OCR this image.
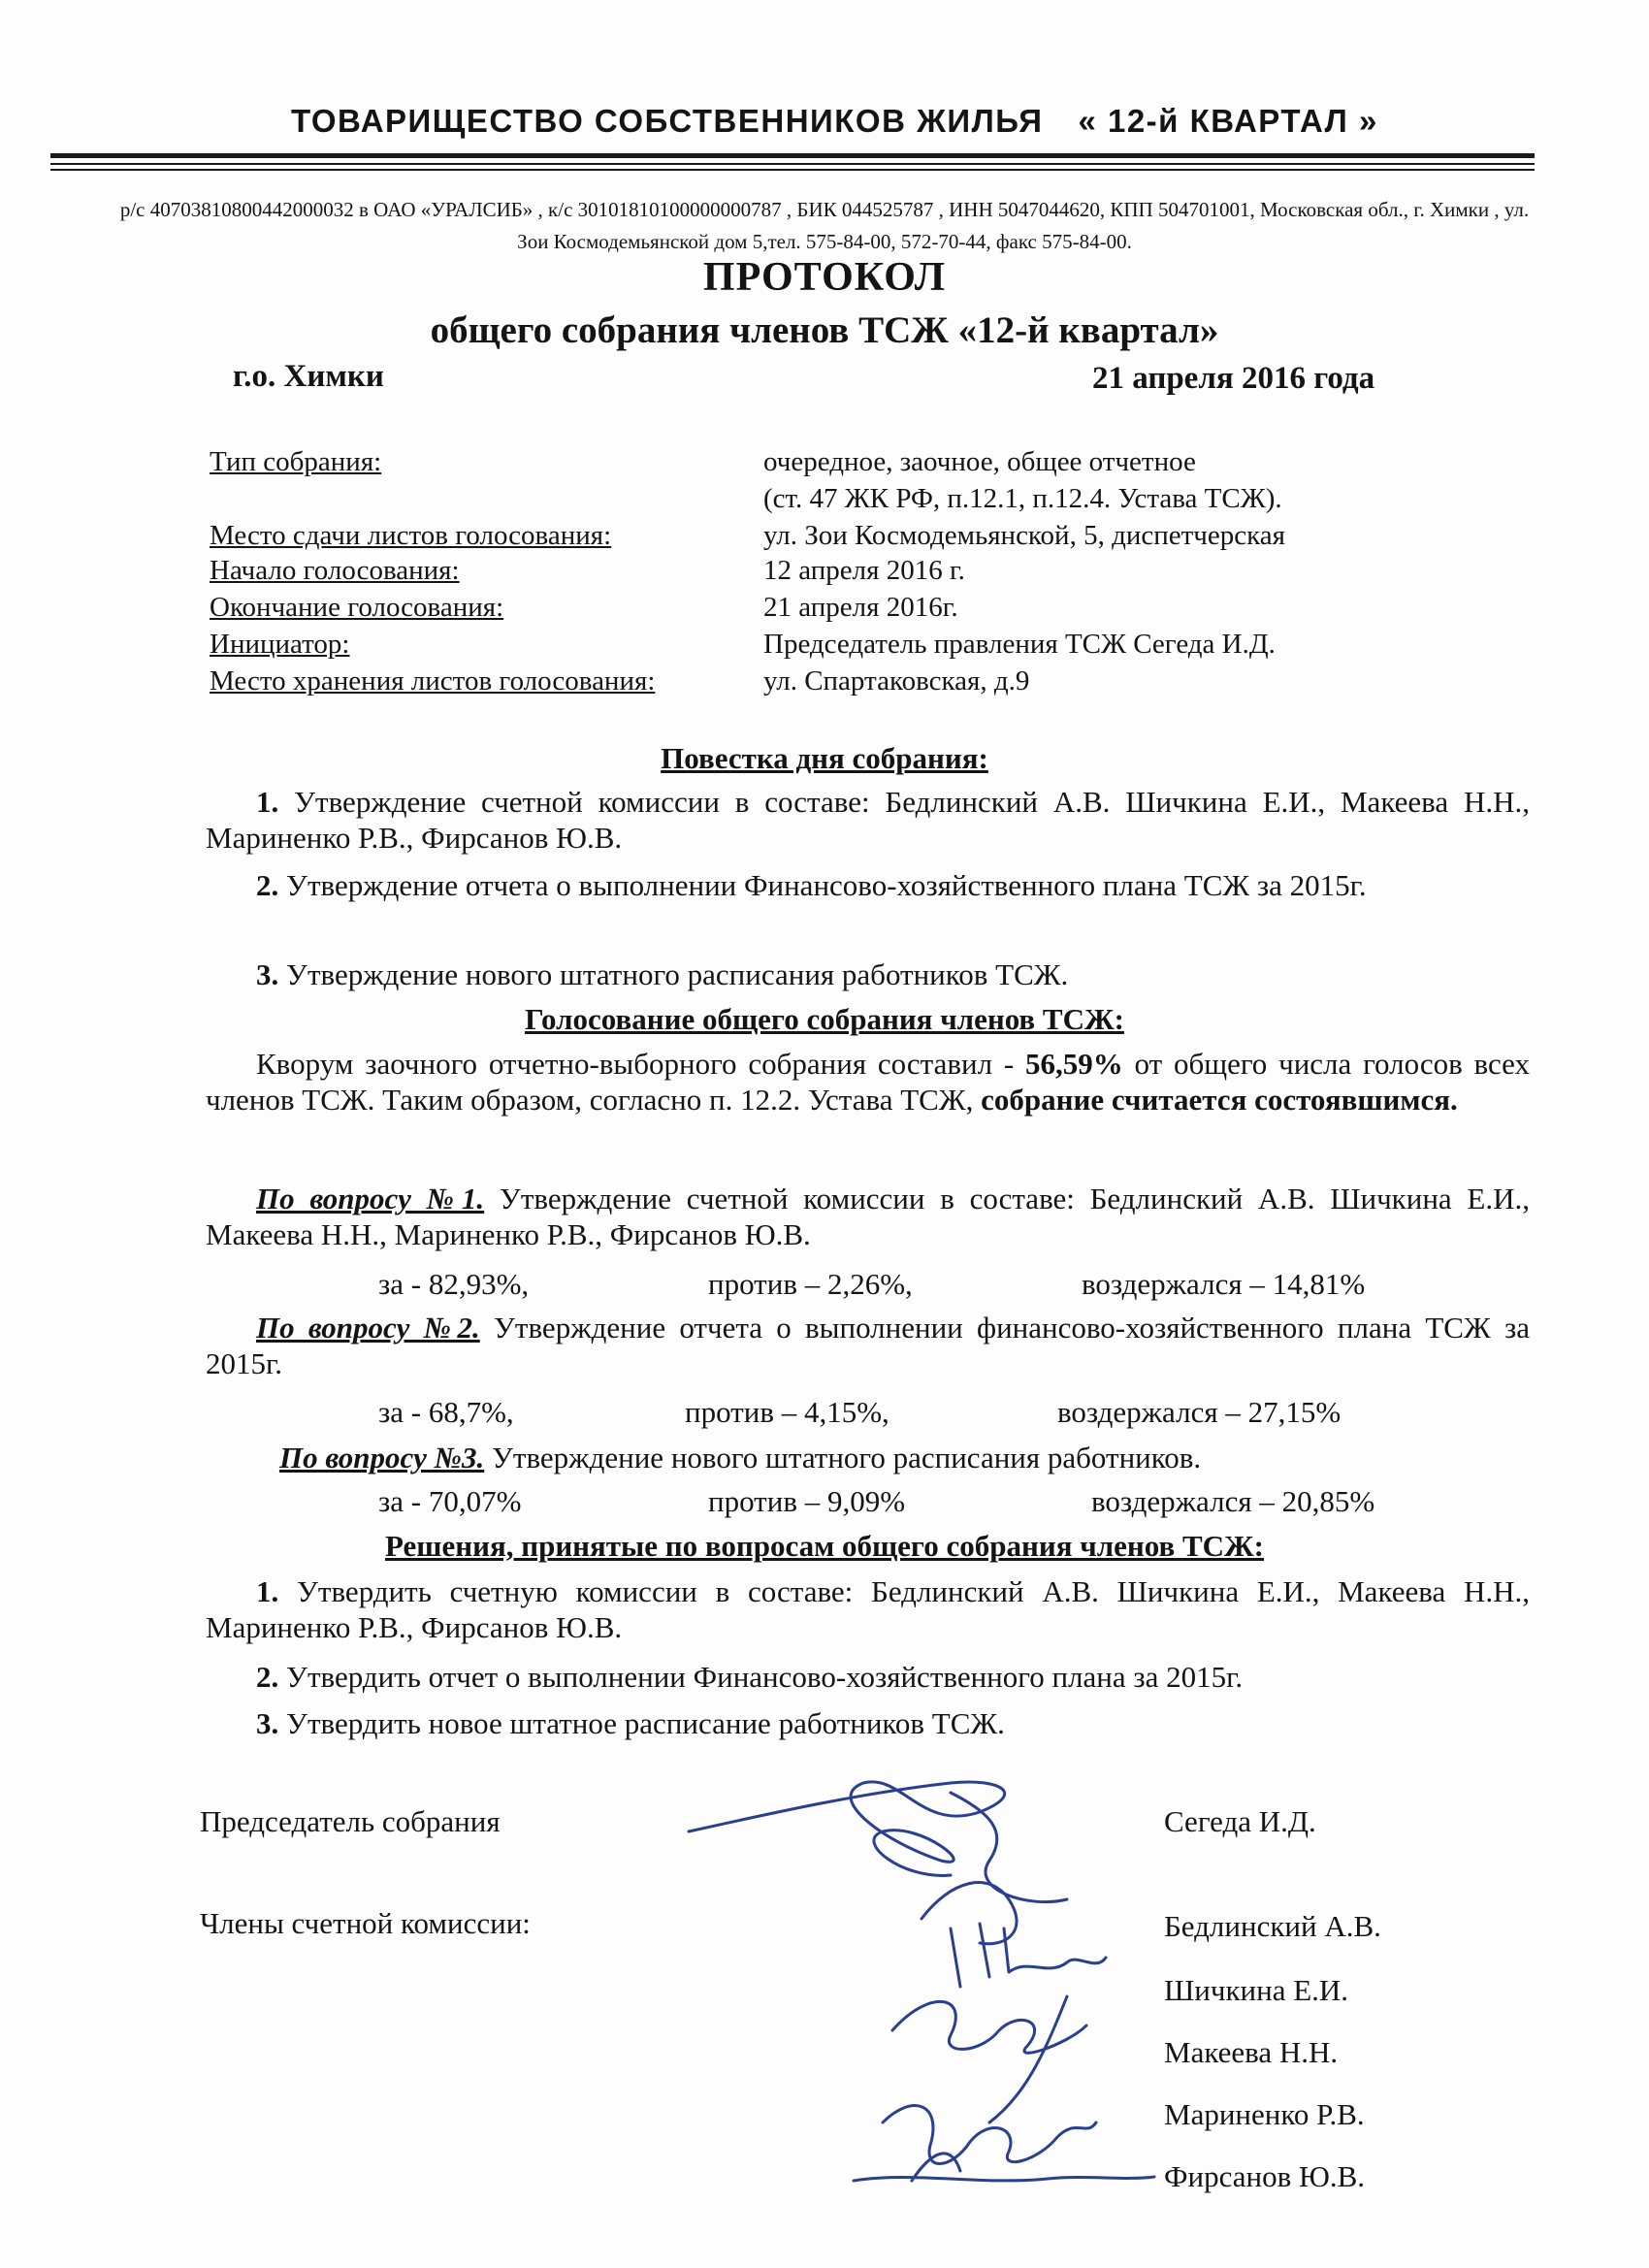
ТОВАРИЩЕСТВО СОБСТВЕННИКОВ ЖИЛЬЯ « 12-й КВАРТАЛ »
р/с 40703810800442000032 в ОАО «УРАЛСИБ» , к/с 30101810100000000787 , БИК 044525787 , ИНН 5047044620, КПП 504701001, Московская обл., г. Химки , ул. Зои Космодемьянской дом 5,тел. 575-84-00, 572-70-44, факс 575-84-00.
ПРОТОКОЛ
общего собрания членов ТСЖ «12-й квартал»
г.о. Химки	21 апреля 2016 года
Тип собрания:	очередное, заочное, общее отчетное
(ст. 47 ЖК РФ, п.12.1, п.12.4. Устава ТСЖ).
Место сдачи листов голосования:	ул. Зои Космодемьянской, 5, диспетчерская
Начало голосования:	12 апреля 2016 г.
Окончание голосования:	21 апреля 2016г.
Инициатор:	Председатель правления ТСЖ Сегеда И.Д.
Место хранения листов голосования:	ул. Спартаковская, д.9
Повестка дня собрания:
1. Утверждение счетной комиссии в составе: Бедлинский А.В. Шичкина Е.И., Макеева Н.Н., Мариненко Р.В., Фирсанов Ю.В.
2. Утверждение отчета о выполнении Финансово-хозяйственного плана ТСЖ за 2015г.
3. Утверждение нового штатного расписания работников ТСЖ.
Голосование общего собрания членов ТСЖ:
Кворум заочного отчетно-выборного собрания составил - 56,59% от общего числа голосов всех членов ТСЖ. Таким образом, согласно п. 12.2. Устава ТСЖ, собрание считается состоявшимся.
По вопросу №1. Утверждение счетной комиссии в составе: Бедлинский А.В. Шичкина Е.И., Макеева Н.Н., Мариненко Р.В., Фирсанов Ю.В.
за - 82,93%,	против – 2,26%,	воздержался – 14,81%
По вопросу №2. Утверждение отчета о выполнении финансово-хозяйственного плана ТСЖ за 2015г.
за - 68,7%,	против – 4,15%,	воздержался – 27,15%
По вопросу №3. Утверждение нового штатного расписания работников.
за - 70,07%	против – 9,09%	воздержался – 20,85%
Решения, принятые по вопросам общего собрания членов ТСЖ:
1. Утвердить счетную комиссии в составе: Бедлинский А.В. Шичкина Е.И., Макеева Н.Н., Мариненко Р.В., Фирсанов Ю.В.
2. Утвердить отчет о выполнении Финансово-хозяйственного плана за 2015г.
3. Утвердить новое штатное расписание работников ТСЖ.
Председатель собрания	Сегеда И.Д.
Члены счетной комиссии:	Бедлинский А.В.
Шичкина Е.И.
Макеева Н.Н.
Мариненко Р.В.
Фирсанов Ю.В.
